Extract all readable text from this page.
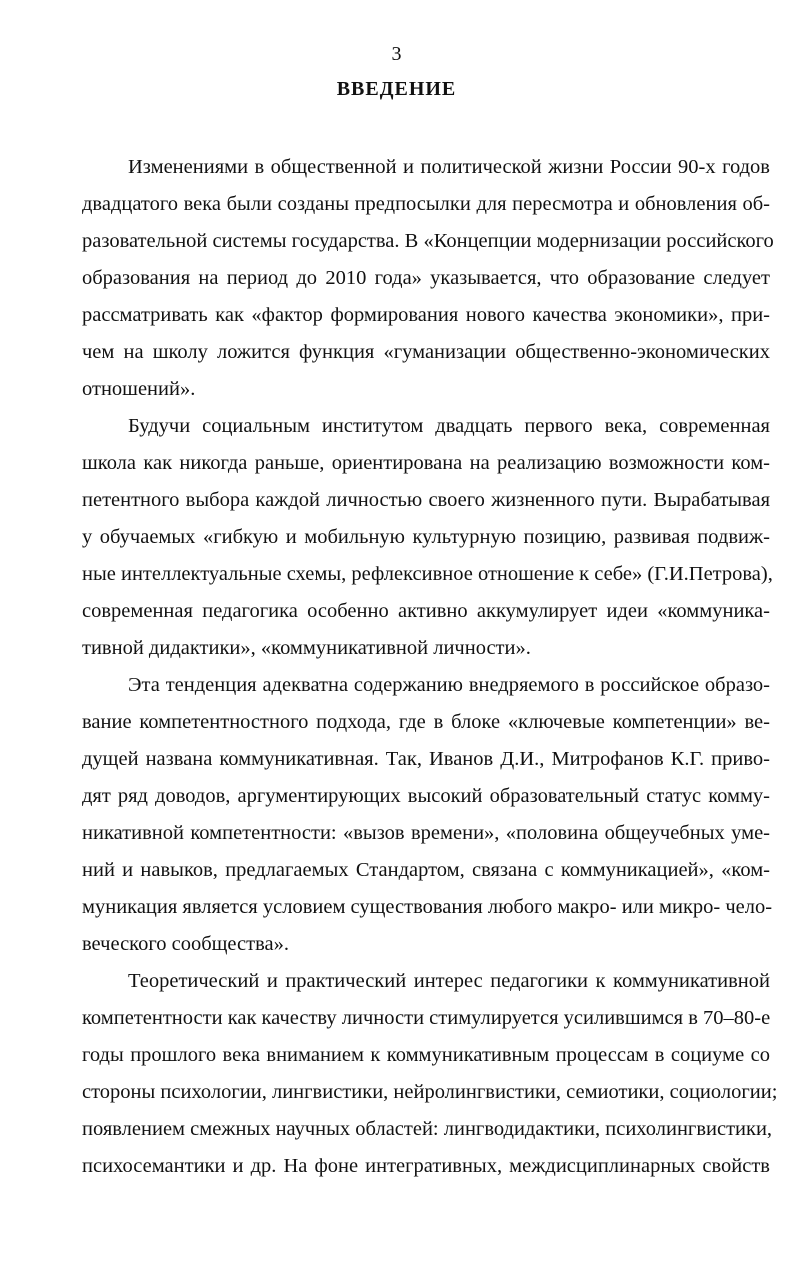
3
ВВЕДЕНИЕ
Изменениями в общественной и политической жизни России 90-х годов
двадцатого века были созданы предпосылки для пересмотра и обновления об-
разовательной системы государства. В «Концепции модернизации российского
образования на период до 2010 года» указывается, что образование следует
рассматривать как «фактор формирования нового качества экономики», при-
чем на школу ложится функция «гуманизации общественно-экономических
отношений».
Будучи социальным институтом двадцать первого века, современная
школа как никогда раньше, ориентирована на реализацию возможности ком-
петентного выбора каждой личностью своего жизненного пути. Вырабатывая
у обучаемых «гибкую и мобильную культурную позицию, развивая подвиж-
ные интеллектуальные схемы, рефлексивное отношение к себе» (Г.И.Петрова),
современная педагогика особенно активно аккумулирует идеи «коммуника-
тивной дидактики», «коммуникативной личности».
Эта тенденция адекватна содержанию внедряемого в российское образо-
вание компетентностного подхода, где в блоке «ключевые компетенции» ве-
дущей названа коммуникативная. Так, Иванов Д.И., Митрофанов К.Г. приво-
дят ряд доводов, аргументирующих высокий образовательный статус комму-
никативной компетентности: «вызов времени», «половина общеучебных уме-
ний и навыков, предлагаемых Стандартом, связана с коммуникацией», «ком-
муникация является условием существования любого макро- или микро- чело-
веческого сообщества».
Теоретический и практический интерес педагогики к коммуникативной
компетентности как качеству личности стимулируется усилившимся в 70–80-е
годы прошлого века вниманием к коммуникативным процессам в социуме со
стороны психологии, лингвистики, нейролингвистики, семиотики, социологии;
появлением смежных научных областей: лингводидактики, психолингвистики,
психосемантики и др. На фоне интегративных, междисциплинарных свойств
